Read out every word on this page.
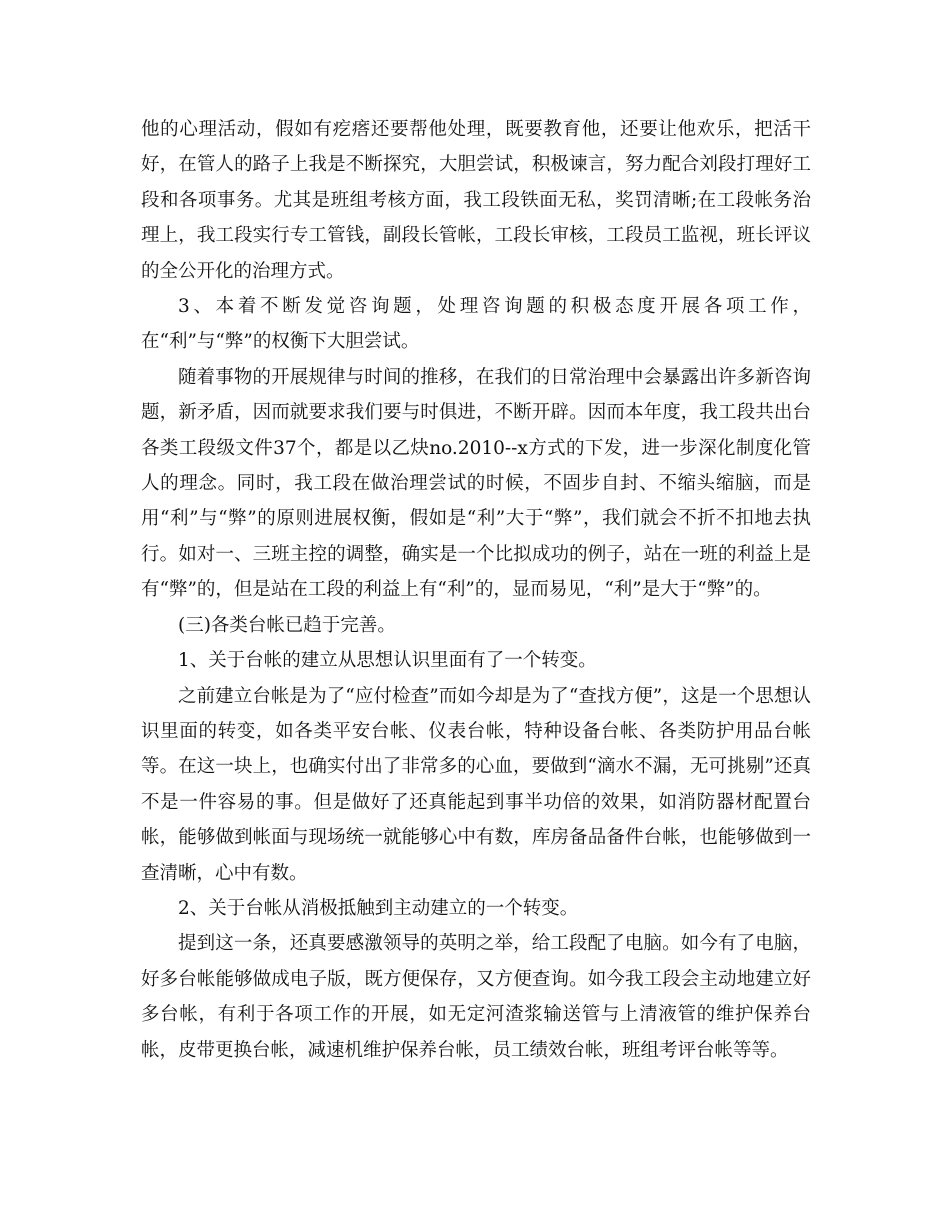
他的心理活动，假如有疙瘩还要帮他处理，既要教育他，还要让他欢乐，把活干好，在管人的路子上我是不断探究，大胆尝试，积极谏言，努力配合刘段打理好工段和各项事务。尤其是班组考核方面，我工段铁面无私，奖罚清晰;在工段帐务治理上，我工段实行专工管钱，副段长管帐，工段长审核，工段员工监视，班长评议的全公开化的治理方式。

3、本着不断发觉咨询题，处理咨询题的积极态度开展各项工作，在“利”与“弊”的权衡下大胆尝试。

随着事物的开展规律与时间的推移，在我们的日常治理中会暴露出许多新咨询题，新矛盾，因而就要求我们要与时俱进，不断开辟。因而本年度，我工段共出台各类工段级文件37个，都是以乙炔no.2010--x方式的下发，进一步深化制度化管人的理念。同时，我工段在做治理尝试的时候，不固步自封、不缩头缩脑，而是用“利”与“弊”的原则进展权衡，假如是“利”大于“弊”，我们就会不折不扣地去执行。如对一、三班主控的调整，确实是一个比拟成功的例子，站在一班的利益上是有“弊”的，但是站在工段的利益上有“利”的，显而易见，“利”是大于“弊”的。

(三)各类台帐已趋于完善。

1、关于台帐的建立从思想认识里面有了一个转变。

之前建立台帐是为了“应付检查”而如今却是为了“查找方便”，这是一个思想认识里面的转变，如各类平安台帐、仪表台帐，特种设备台帐、各类防护用品台帐等。在这一块上，也确实付出了非常多的心血，要做到“滴水不漏，无可挑剔”还真不是一件容易的事。但是做好了还真能起到事半功倍的效果，如消防器材配置台帐，能够做到帐面与现场统一就能够心中有数，库房备品备件台帐，也能够做到一查清晰，心中有数。

2、关于台帐从消极抵触到主动建立的一个转变。

提到这一条，还真要感激领导的英明之举，给工段配了电脑。如今有了电脑，好多台帐能够做成电子版，既方便保存，又方便查询。如今我工段会主动地建立好多台帐，有利于各项工作的开展，如无定河渣浆输送管与上清液管的维护保养台帐，皮带更换台帐，减速机维护保养台帐，员工绩效台帐，班组考评台帐等等。
